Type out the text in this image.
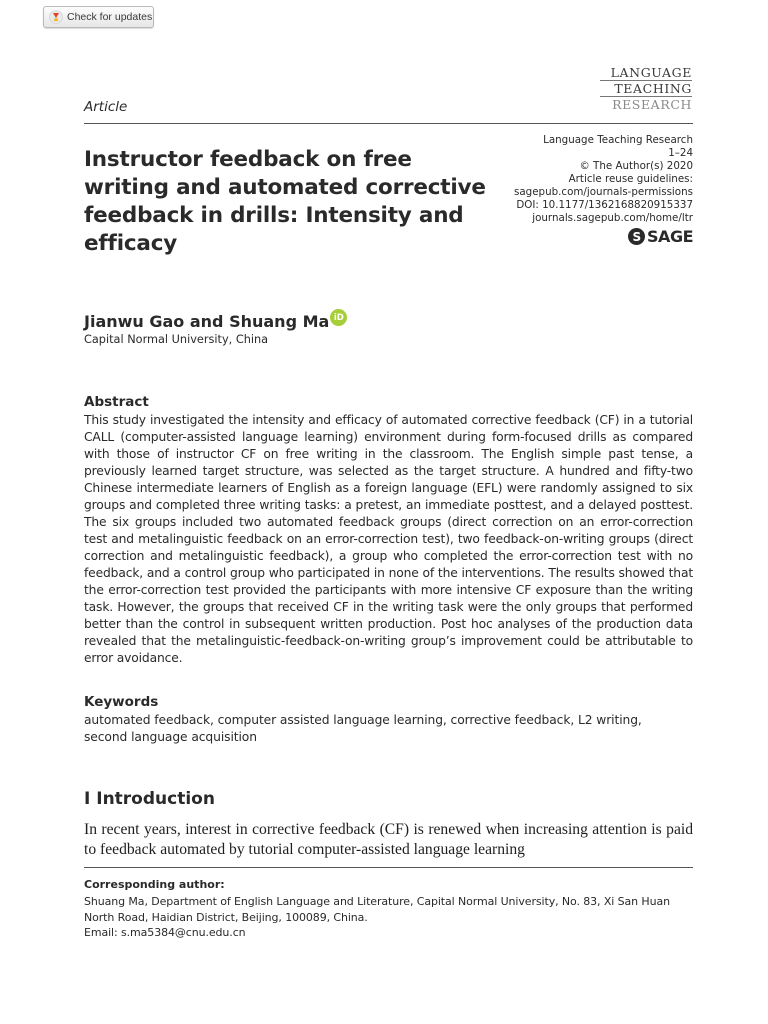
Check for updates
LANGUAGE
TEACHING
RESEARCH
Article
Instructor feedback on free writing and automated corrective feedback in drills: Intensity and efficacy
Language Teaching Research
1–24
© The Author(s) 2020
Article reuse guidelines:
sagepub.com/journals-permissions
DOI: 10.1177/1362168820915337
journals.sagepub.com/home/ltr
S SAGE
Jianwu Gao and Shuang Ma iD
Capital Normal University, China
Abstract
This study investigated the intensity and efficacy of automated corrective feedback (CF) in a tutorial CALL (computer-assisted language learning) environment during form-focused drills as compared with those of instructor CF on free writing in the classroom. The English simple past tense, a previously learned target structure, was selected as the target structure. A hundred and fifty-two Chinese intermediate learners of English as a foreign language (EFL) were randomly assigned to six groups and completed three writing tasks: a pretest, an immediate posttest, and a delayed posttest. The six groups included two automated feedback groups (direct correction on an error-correction test and metalinguistic feedback on an error-correction test), two feedback-on-writing groups (direct correction and metalinguistic feedback), a group who completed the error-correction test with no feedback, and a control group who participated in none of the interventions. The results showed that the error-correction test provided the participants with more intensive CF exposure than the writing task. However, the groups that received CF in the writing task were the only groups that performed better than the control in subsequent written production. Post hoc analyses of the production data revealed that the metalinguistic-feedback-on-writing group’s improvement could be attributable to error avoidance.
Keywords
automated feedback, computer assisted language learning, corrective feedback, L2 writing, second language acquisition
I Introduction
In recent years, interest in corrective feedback (CF) is renewed when increasing attention is paid to feedback automated by tutorial computer-assisted language learning
Corresponding author:
Shuang Ma, Department of English Language and Literature, Capital Normal University, No. 83, Xi San Huan
North Road, Haidian District, Beijing, 100089, China.
Email: s.ma5384@cnu.edu.cn
